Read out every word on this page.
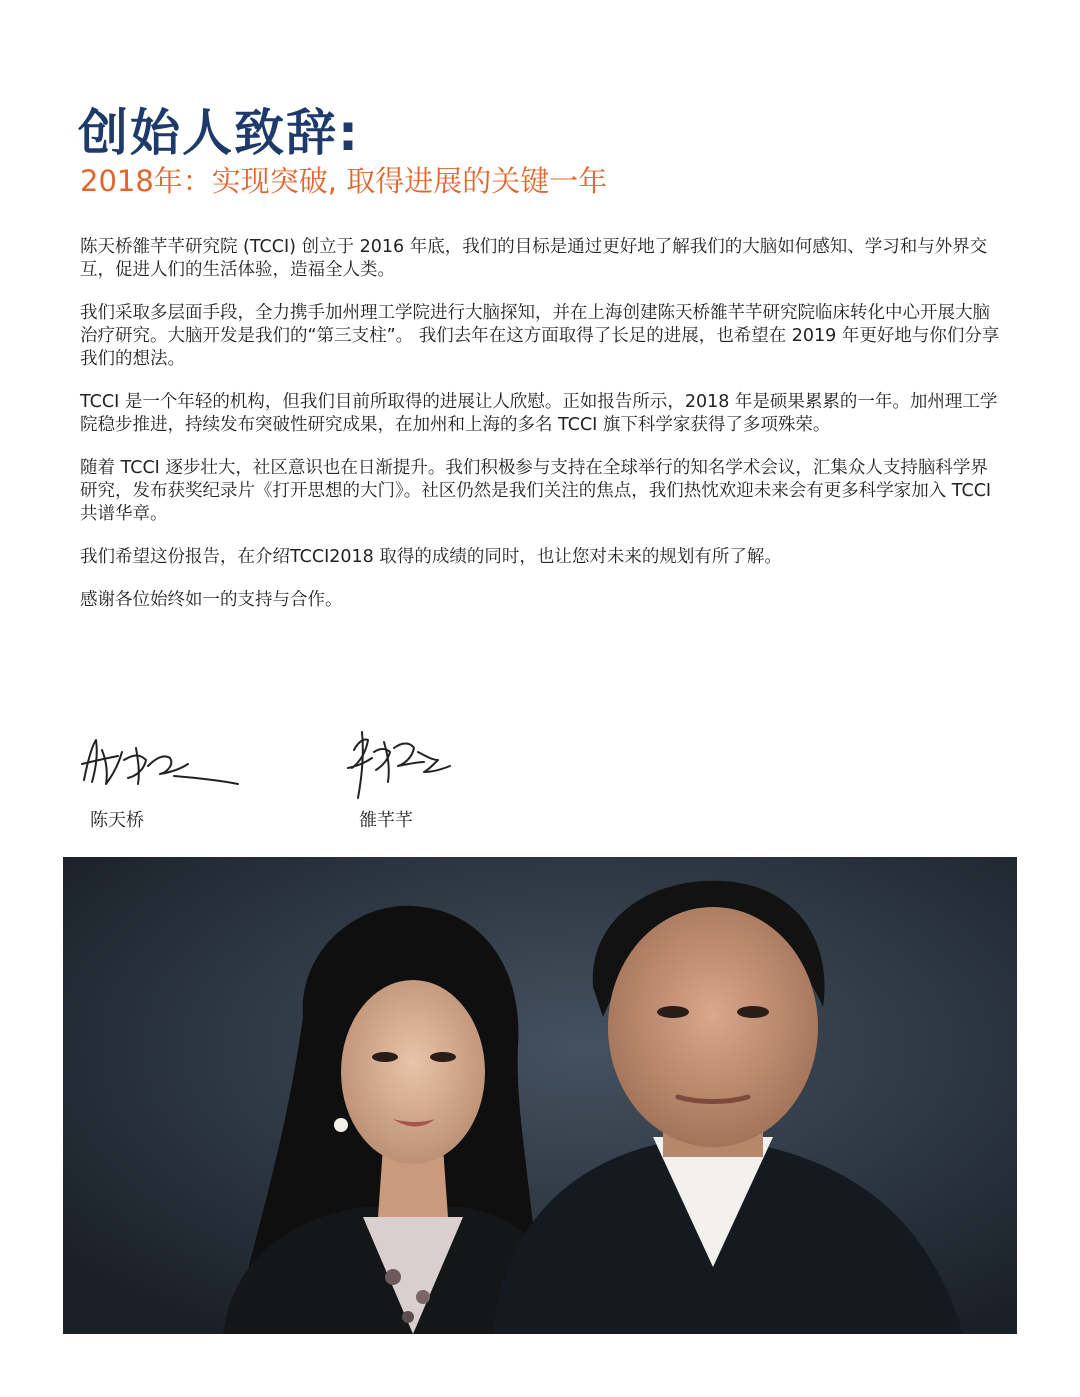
创始人致辞:
2018年：实现突破, 取得进展的关键一年

陈天桥雒芊芊研究院 (TCCI) 创立于 2016 年底，我们的目标是通过更好地了解我们的大脑如何感知、学习和与外界交互，促进人们的生活体验，造福全人类。

我们采取多层面手段，全力携手加州理工学院进行大脑探知，并在上海创建陈天桥雒芊芊研究院临床转化中心开展大脑治疗研究。大脑开发是我们的“第三支柱”。 我们去年在这方面取得了长足的进展，也希望在 2019 年更好地与你们分享我们的想法。

TCCI 是一个年轻的机构，但我们目前所取得的进展让人欣慰。正如报告所示，2018 年是硕果累累的一年。加州理工学院稳步推进，持续发布突破性研究成果，在加州和上海的多名 TCCI 旗下科学家获得了多项殊荣。

随着 TCCI 逐步壮大，社区意识也在日渐提升。我们积极参与支持在全球举行的知名学术会议，汇集众人支持脑科学界研究，发布获奖纪录片《打开思想的大门》。社区仍然是我们关注的焦点，我们热忱欢迎未来会有更多科学家加入 TCCI 共谱华章。

我们希望这份报告，在介绍TCCI2018 取得的成绩的同时，也让您对未来的规划有所了解。

感谢各位始终如一的支持与合作。

陈天桥	雒芊芊
